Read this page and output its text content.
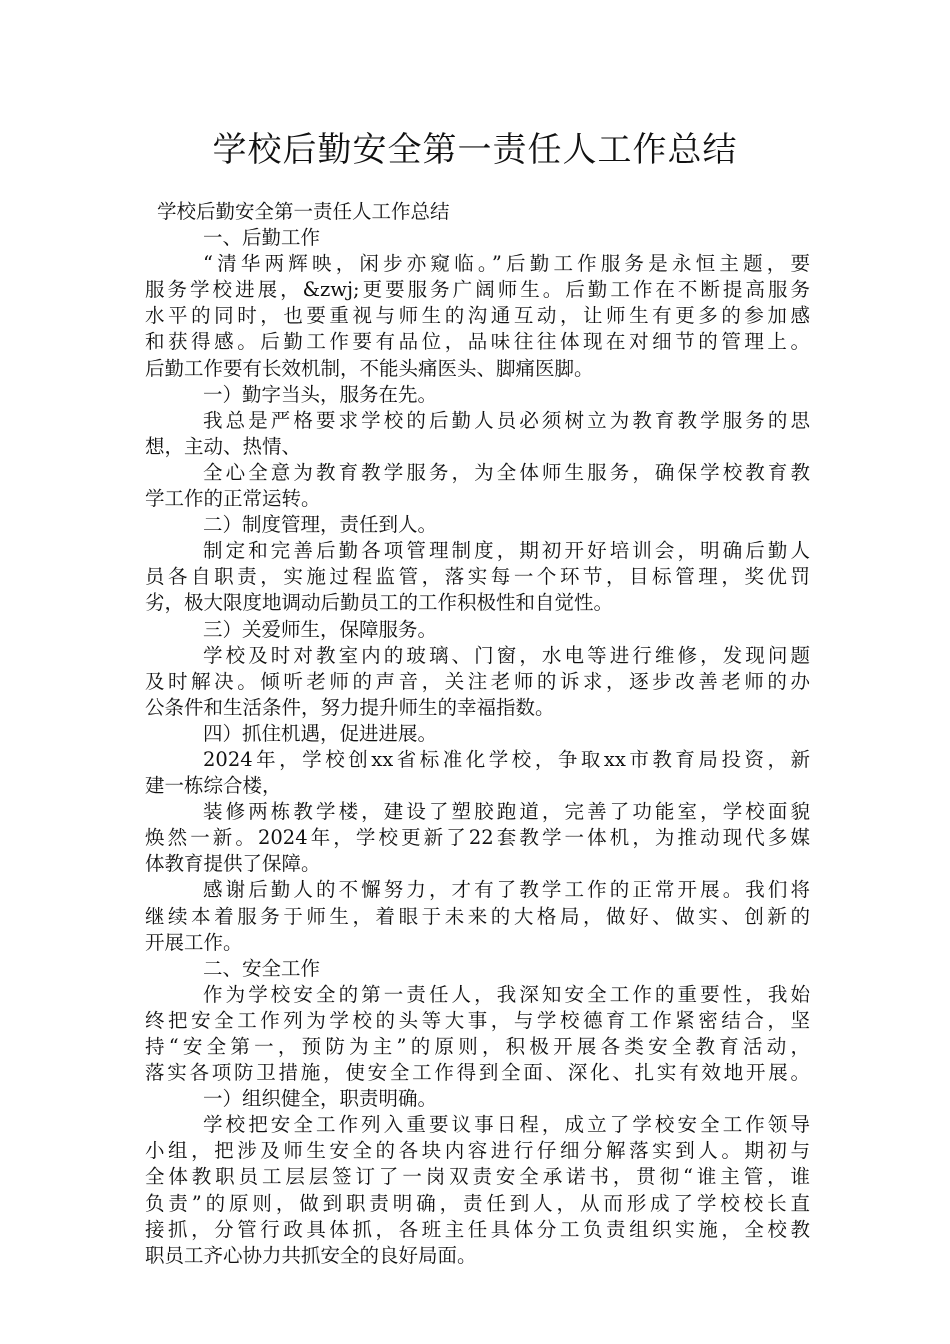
学校后勤安全第一责任人工作总结
学校后勤安全第一责任人工作总结
一、后勤工作
“清华两辉映，闲步亦窥临。”后勤工作服务是永恒主题，要
服务学校进展，&zwj;更要服务广阔师生。后勤工作在不断提高服务
水平的同时，也要重视与师生的沟通互动，让师生有更多的参加感
和获得感。后勤工作要有品位，品味往往体现在对细节的管理上。
后勤工作要有长效机制，不能头痛医头、脚痛医脚。
一）勤字当头，服务在先。
我总是严格要求学校的后勤人员必须树立为教育教学服务的思
想，主动、热情、
全心全意为教育教学服务，为全体师生服务，确保学校教育教
学工作的正常运转。
二）制度管理，责任到人。
制定和完善后勤各项管理制度，期初开好培训会，明确后勤人
员各自职责，实施过程监管，落实每一个环节，目标管理，奖优罚
劣，极大限度地调动后勤员工的工作积极性和自觉性。
三）关爱师生，保障服务。
学校及时对教室内的玻璃、门窗，水电等进行维修，发现问题
及时解决。倾听老师的声音，关注老师的诉求，逐步改善老师的办
公条件和生活条件，努力提升师生的幸福指数。
四）抓住机遇，促进进展。
2024年，学校创xx省标准化学校，争取xx市教育局投资，新
建一栋综合楼，
装修两栋教学楼，建设了塑胶跑道，完善了功能室，学校面貌
焕然一新。2024年，学校更新了22套教学一体机，为推动现代多媒
体教育提供了保障。
感谢后勤人的不懈努力，才有了教学工作的正常开展。我们将
继续本着服务于师生，着眼于未来的大格局，做好、做实、创新的
开展工作。
二、安全工作
作为学校安全的第一责任人，我深知安全工作的重要性，我始
终把安全工作列为学校的头等大事，与学校德育工作紧密结合，坚
持“安全第一，预防为主”的原则，积极开展各类安全教育活动，
落实各项防卫措施，使安全工作得到全面、深化、扎实有效地开展。
一）组织健全，职责明确。
学校把安全工作列入重要议事日程，成立了学校安全工作领导
小组，把涉及师生安全的各块内容进行仔细分解落实到人。期初与
全体教职员工层层签订了一岗双责安全承诺书，贯彻“谁主管，谁
负责”的原则，做到职责明确，责任到人，从而形成了学校校长直
接抓，分管行政具体抓，各班主任具体分工负责组织实施，全校教
职员工齐心协力共抓安全的良好局面。
